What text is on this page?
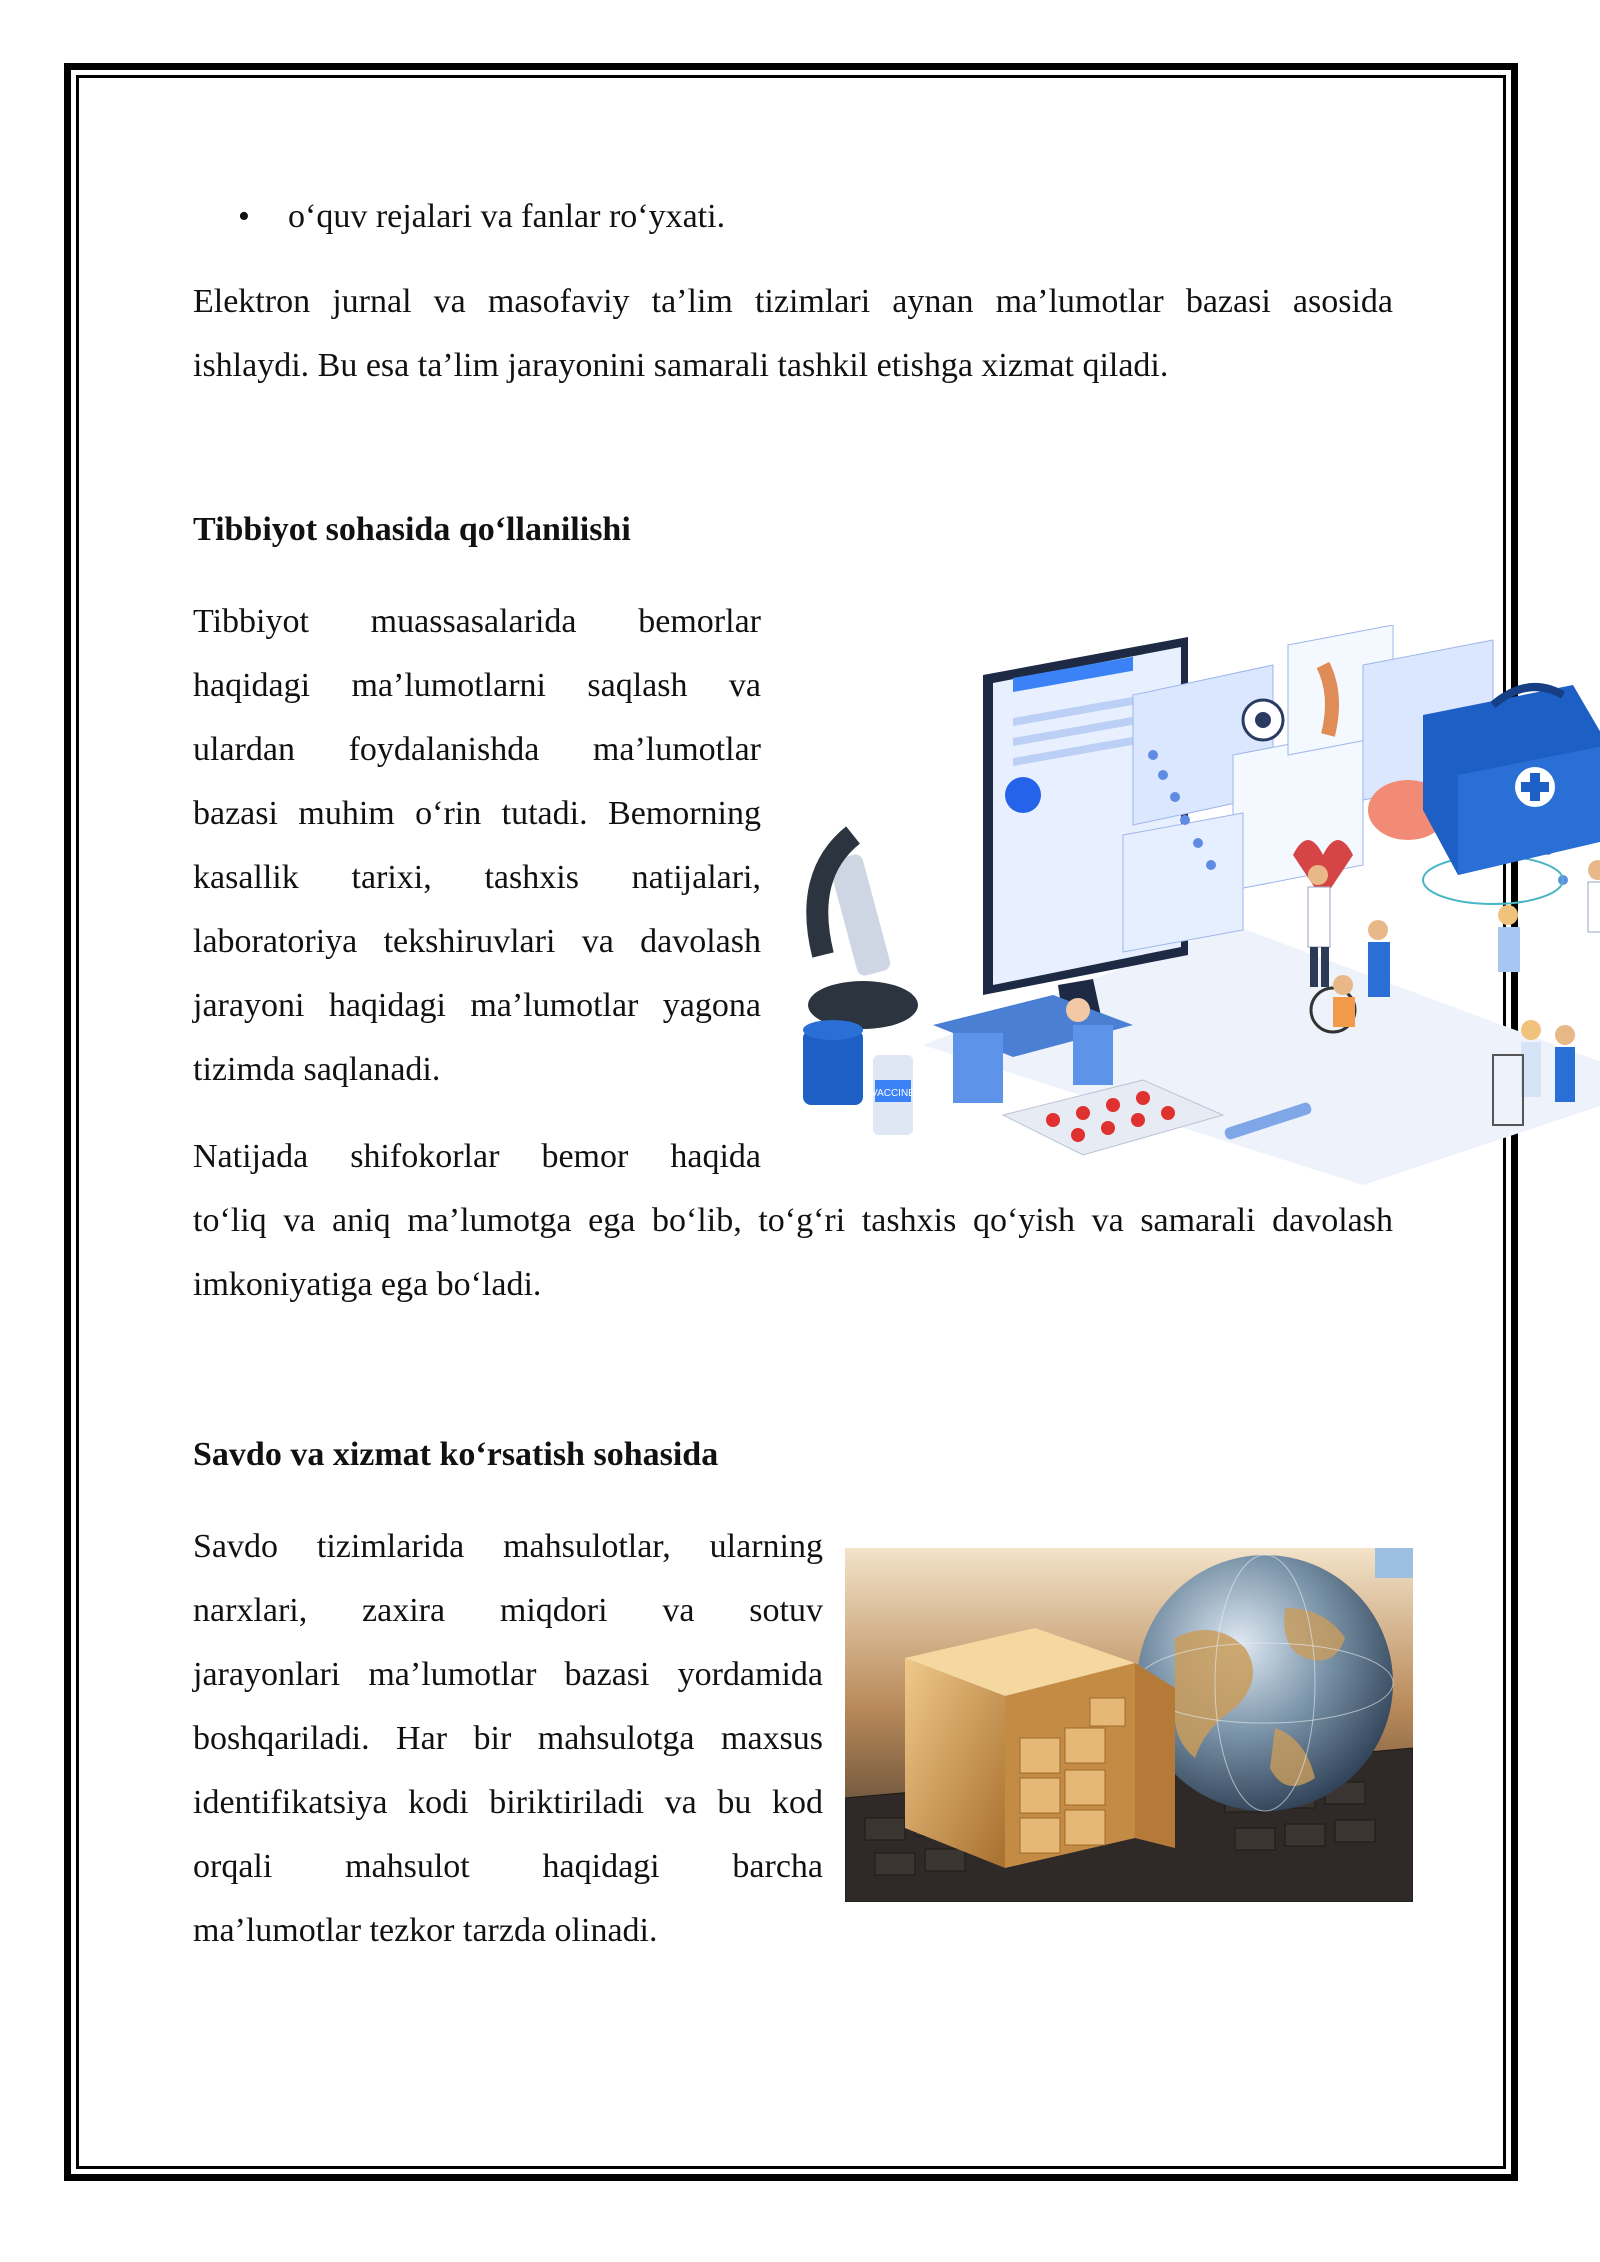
• o‘quv rejalari va fanlar ro‘yxati.

Elektron jurnal va masofaviy ta’lim tizimlari aynan ma’lumotlar bazasi asosida ishlaydi. Bu esa ta’lim jarayonini samarali tashkil etishga xizmat qiladi.

Tibbiyot sohasida qo‘llanilishi
Tibbiyot muassasalarida bemorlar
haqidagi ma’lumotlarni saqlash va
ulardan foydalanishda ma’lumotlar
bazasi muhim o‘rin tutadi. Bemorning
kasallik tarixi, tashxis natijalari,
laboratoriya tekshiruvlari va davolash
jarayoni haqidagi ma’lumotlar yagona
tizimda saqlanadi.
Natijada shifokorlar bemor haqida
to‘liq va aniq ma’lumotga ega bo‘lib, to‘g‘ri tashxis qo‘yish va samarali davolash
imkoniyatiga ega bo‘ladi.
VACCINE
Savdo va xizmat ko‘rsatish sohasida
Savdo tizimlarida mahsulotlar, ularning
narxlari, zaxira miqdori va sotuv
jarayonlari ma’lumotlar bazasi yordamida
boshqariladi. Har bir mahsulotga maxsus
identifikatsiya kodi biriktiriladi va bu kod
orqali mahsulot haqidagi barcha
ma’lumotlar tezkor tarzda olinadi.
